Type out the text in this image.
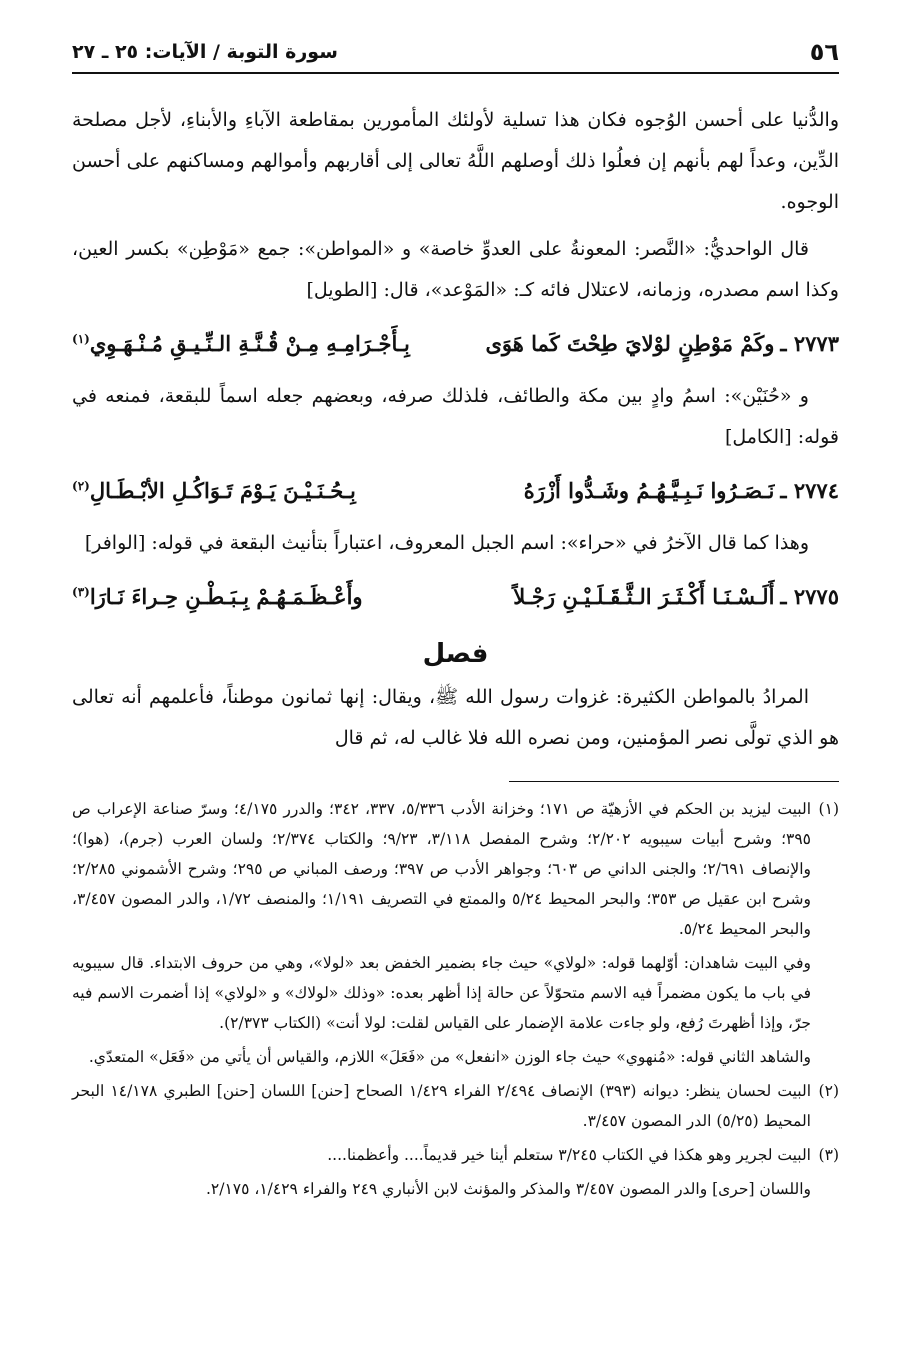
٥٦
سورة التوبة / الآيات: ٢٥ ـ ٢٧

والدُّنيا على أحسن الوُجوه فكان هذا تسلية لأولئك المأمورين بمقاطعة الآباءِ والأبناءِ، لأجل مصلحة الدِّين، وعداً لهم بأنهم إن فعلُوا ذلك أوصلهم اللَّهُ تعالى إلى أقاربهم وأموالهم ومساكنهم على أحسن الوجوه.

قال الواحديُّ: «النَّصر: المعونةُ على العدوِّ خاصة» و «المواطن»: جمع «مَوْطِن» بكسر العين، وكذا اسم مصدره، وزمانه، لاعتلال فائه كـ: «المَوْعد»، قال: [الطويل]

٢٧٧٣ ـ
وكَمْ مَوْطِنٍ لوْلايَ طِحْتَ كَما هَوَى
بِـأَجْـرَامِـهِ مِـنْ قُـنَّـةِ الـنِّـيـقِ مُـنْـهَـوِي$^{(١)}$

و «حُنَيْن»: اسمُ وادٍ بين مكة والطائف، فلذلك صرفه، وبعضهم جعله اسماً للبقعة، فمنعه في قوله: [الكامل]

٢٧٧٤ ـ
نَـصَـرُوا نَـبِـيَّـهُـمُ وشَـدُّوا أَزْرَهُ
بِـحُـنَـيْـنَ يَـوْمَ تَـوَاكُـلِ الأبْـطَـالِ$^{(٢)}$

وهذا كما قال الآخرُ في «حراء»: اسم الجبل المعروف، اعتباراً بتأنيث البقعة في قوله: [الوافر]

٢٧٧٥ ـ
أَلَـسْـنَـا أَكْـثَـرَ الـثَّـقَـلَـيْـنِ رَجْـلاً
وأَعْـظَـمَـهُـمْ بِـبَـطْـنِ حِـراءَ نَـارَا$^{(٣)}$
فصل

المرادُ بالمواطن الكثيرة: غزوات رسول الله ﷺ، ويقال: إنها ثمانون موطناً، فأعلمهم أنه تعالى هو الذي تولَّى نصر المؤمنين، ومن نصره الله فلا غالب له، ثم قال

(١)
البيت ليزيد بن الحكم في الأزهيّة ص ١٧١؛ وخزانة الأدب ٥/٣٣٦، ٣٣٧، ٣٤٢؛ والدرر ٤/١٧٥؛ وسرّ صناعة الإعراب ص ٣٩٥؛ وشرح أبيات سيبويه ٢/٢٠٢؛ وشرح المفصل ٣/١١٨، ٩/٢٣؛ والكتاب ٢/٣٧٤؛ ولسان العرب (جرم)، (هوا)؛ والإنصاف ٢/٦٩١؛ والجنى الداني ص ٦٠٣؛ وجواهر الأدب ص ٣٩٧؛ ورصف المباني ص ٢٩٥؛ وشرح الأشموني ٢/٢٨٥؛ وشرح ابن عقيل ص ٣٥٣؛ والبحر المحيط ٥/٢٤ والممتع في التصريف ١/١٩١؛ والمنصف ١/٧٢، والدر المصون ٣/٤٥٧، والبحر المحيط ٥/٢٤.
وفي البيت شاهدان: أوّلهما قوله: «لولاي» حيث جاء بضمير الخفض بعد «لولا»، وهي من حروف الابتداء. قال سيبويه في باب ما يكون مضمراً فيه الاسم متحوّلاً عن حالة إذا أظهر بعده: «وذلك «لولاك» و «لولاي» إذا أضمرت الاسم فيه جرّ، وإذا أظهرتَ رُفع، ولو جاءت علامة الإضمار على القياس لقلت: لولا أنت» (الكتاب ٢/٣٧٣).
والشاهد الثاني قوله: «مُنهوي» حيث جاء الوزن «انفعل» من «فَعَلَ» اللازم، والقياس أن يأتي من «فَعَل» المتعدّي.
(٢)
البيت لحسان ينظر: ديوانه (٣٩٣) الإنصاف ٢/٤٩٤ الفراء ١/٤٢٩ الصحاح [حنن] اللسان [حنن] الطبري ١٤/١٧٨ البحر المحيط (٥/٢٥) الدر المصون ٣/٤٥٧.
(٣)
البيت لجرير وهو هكذا في الكتاب ٣/٢٤٥ ستعلم أينا خير قديماً.... وأعظمنا....
واللسان [حرى] والدر المصون ٣/٤٥٧ والمذكر والمؤنث لابن الأنباري ٢٤٩ والفراء ١/٤٢٩، ٢/١٧٥.
